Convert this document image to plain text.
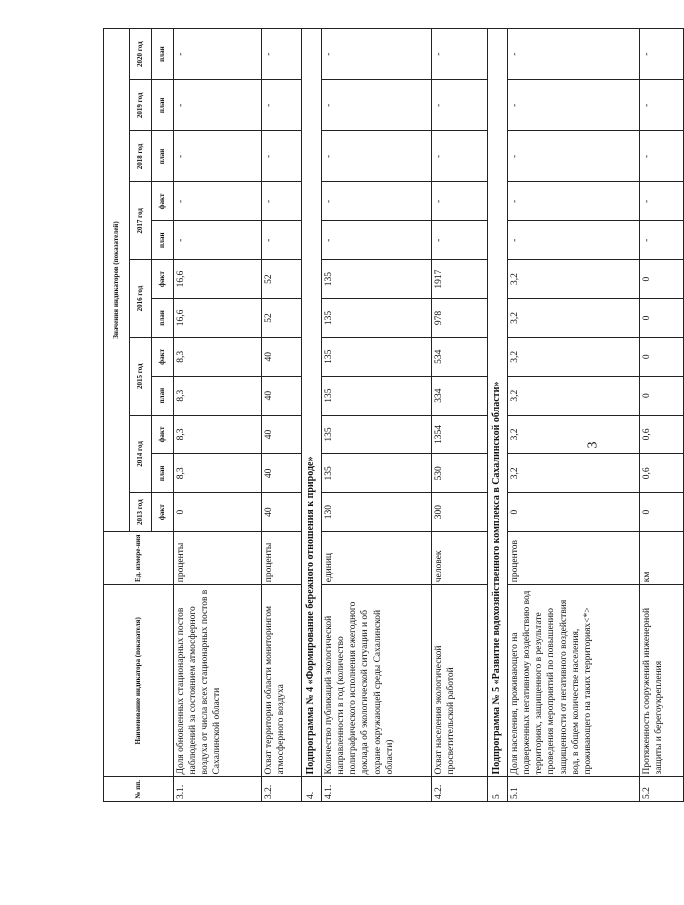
3
№ пп.	Наименование индикатора (показателя)	Ед. измере-ния	Значения индикаторов (показателей)											
			2013 год	2014 год		2015 год		2016 год		2017 год		2018 год	2019 год	2020 год
			факт	план	факт	план	факт	план	факт	план	факт	план	план	план
3.1.	Доля обновленных стационарных постов наблюдений за состоянием атмосферного воздуха от числа всех стационарных постов в Сахалинской области	проценты	0	8,3	8,3	8,3	8,3	16,6	16,6	-	-	-	-	-
3.2.	Охват территории области мониторингом атмосферного воздуха	проценты	40	40	40	40	40	52	52	-	-	-	-	-
4.	Подпрограмма № 4 «Формирование бережного отношения к природе»													
4.1.	Количество публикаций экологической направленности в год (количество полиграфического исполнения ежегодного доклада об экологической ситуации и об охране окружающей среды Сахалинской области)	единиц	130	135	135	135	135	135	135	-	-	-	-	-
4.2.	Охват населения экологической просветительской работой	человек	300	530	1354	334	534	978	1917	-	-	-	-	-
5	Подпрограмма № 5 «Развитие водохозяйственного комплекса в Сахалинской области»													
5.1	Доля населения, проживающего на подверженных негативному воздействию вод территориях, защищенного в результате проведения мероприятий по повышению защищенности от негативного воздействия вод, в общем количестве населения, проживающего на таких территориях<*>	процентов	0	3,2	3,2	3,2	3,2	3,2	3,2	-	-	-	-	-
5.2	Протяженность сооружений инженерной защиты и берегоукрепления	км	0	0,6	0,6	0	0	0	0	-	-	-	-	-
